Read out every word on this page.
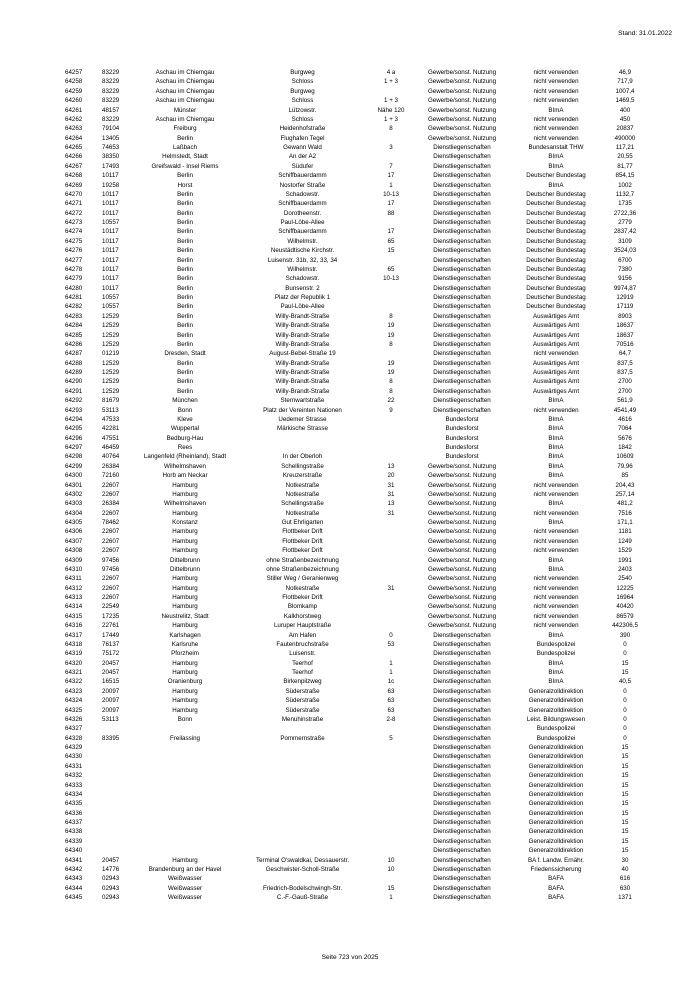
Stand: 31.01.2022
64257	83229	Aschau im Chiemgau	Burgweg	4 a	Gewerbe/sonst. Nutzung	nicht verwenden	46,9
64258	83229	Aschau im Chiemgau	Schloss	1 + 3	Gewerbe/sonst. Nutzung	nicht verwenden	717,9
64259	83229	Aschau im Chiemgau	Burgweg		Gewerbe/sonst. Nutzung	nicht verwenden	1007,4
64260	83229	Aschau im Chiemgau	Schloss	1 + 3	Gewerbe/sonst. Nutzung	nicht verwenden	1469,5
64261	48157	Münster	Lützowstr.	Nähe 120	Gewerbe/sonst. Nutzung	BImA	400
64262	83229	Aschau im Chiemgau	Schloss	1 + 3	Gewerbe/sonst. Nutzung	nicht verwenden	450
64263	79104	Freiburg	Heidenhofstraße	8	Gewerbe/sonst. Nutzung	nicht verwenden	20837
64264	13405	Berlin	Flughafen Tegel		Gewerbe/sonst. Nutzung	nicht verwenden	490000
64265	74653	Laßbach	Gewann Wald	3	Dienstliegenschaften	Bundesanstalt THW	117,21
64266	38350	Helmstedt, Stadt	An der A2		Dienstliegenschaften	BImA	20,55
64267	17493	Greifswald - Insel Riems	Südufer	7	Dienstliegenschaften	BImA	81,77
64268	10117	Berlin	Schiffbauerdamm	17	Dienstliegenschaften	Deutscher Bundestag	854,15
64269	19258	Horst	Nostorfer Straße	1	Dienstliegenschaften	BImA	1002
64270	10117	Berlin	Schadowstr.	10-13	Dienstliegenschaften	Deutscher Bundestag	1132,7
64271	10117	Berlin	Schiffbauerdamm	17	Dienstliegenschaften	Deutscher Bundestag	1735
64272	10117	Berlin	Dorotheenstr.	88	Dienstliegenschaften	Deutscher Bundestag	2722,36
64273	10557	Berlin	Paul-Löbe-Allee		Dienstliegenschaften	Deutscher Bundestag	2779
64274	10117	Berlin	Schiffbauerdamm	17	Dienstliegenschaften	Deutscher Bundestag	2837,42
64275	10117	Berlin	Wilhelmstr.	65	Dienstliegenschaften	Deutscher Bundestag	3109
64276	10117	Berlin	Neustädtische Kirchstr.	15	Dienstliegenschaften	Deutscher Bundestag	3524,03
64277	10117	Berlin	Luisenstr. 31b, 32, 33, 34		Dienstliegenschaften	Deutscher Bundestag	6700
64278	10117	Berlin	Wilhelmstr.	65	Dienstliegenschaften	Deutscher Bundestag	7380
64279	10117	Berlin	Schadowstr.	10-13	Dienstliegenschaften	Deutscher Bundestag	9156
64280	10117	Berlin	Bunsenstr. 2		Dienstliegenschaften	Deutscher Bundestag	9974,87
64281	10557	Berlin	Platz der Republik 1		Dienstliegenschaften	Deutscher Bundestag	12919
64282	10557	Berlin	Paul-Löbe-Allee		Dienstliegenschaften	Deutscher Bundestag	17119
64283	12529	Berlin	Willy-Brandt-Straße	8	Dienstliegenschaften	Auswärtiges Amt	8903
64284	12529	Berlin	Willy-Brandt-Straße	19	Dienstliegenschaften	Auswärtiges Amt	18637
64285	12529	Berlin	Willy-Brandt-Straße	19	Dienstliegenschaften	Auswärtiges Amt	18637
64286	12529	Berlin	Willy-Brandt-Straße	8	Dienstliegenschaften	Auswärtiges Amt	70516
64287	01219	Dresden, Stadt	August-Bebel-Straße 19		Dienstliegenschaften	nicht verwenden	64,7
64288	12529	Berlin	Willy-Brandt-Straße	19	Dienstliegenschaften	Auswärtiges Amt	837,5
64289	12529	Berlin	Willy-Brandt-Straße	19	Dienstliegenschaften	Auswärtiges Amt	837,5
64290	12529	Berlin	Willy-Brandt-Straße	8	Dienstliegenschaften	Auswärtiges Amt	2700
64291	12529	Berlin	Willy-Brandt-Straße	8	Dienstliegenschaften	Auswärtiges Amt	2700
64292	81679	München	Sternwartstraße	22	Dienstliegenschaften	BImA	561,9
64293	53113	Bonn	Platz der Vereinten Nationen	9	Dienstliegenschaften	nicht verwenden	4541,49
64294	47533	Kleve	Uedemer Strasse		Bundesforst	BImA	4616
64295	42281	Wuppertal	Märkische Strasse		Bundesforst	BImA	7064
64296	47551	Bedburg-Hau			Bundesforst	BImA	5676
64297	46459	Rees			Bundesforst	BImA	1842
64298	40764	Langenfeld (Rheinland), Stadt	In der Oberloh		Bundesforst	BImA	10609
64299	26384	Wilhelmshaven	Schellingstraße	13	Gewerbe/sonst. Nutzung	BImA	79,96
64300	72160	Horb am Neckar	Kreuzerstraße	20	Gewerbe/sonst. Nutzung	BImA	85
64301	22607	Hamburg	Notkestraße	31	Gewerbe/sonst. Nutzung	nicht verwenden	204,43
64302	22607	Hamburg	Notkestraße	31	Gewerbe/sonst. Nutzung	nicht verwenden	257,14
64303	26384	Wilhelmshaven	Schellingstraße	13	Gewerbe/sonst. Nutzung	BImA	481,2
64304	22607	Hamburg	Notkestraße	31	Gewerbe/sonst. Nutzung	nicht verwenden	7516
64305	78462	Konstanz	Gut Ehrligarten		Gewerbe/sonst. Nutzung	BImA	171,1
64306	22607	Hamburg	Flottbeker Drift		Gewerbe/sonst. Nutzung	nicht verwenden	1181
64307	22607	Hamburg	Flottbeker Drift		Gewerbe/sonst. Nutzung	nicht verwenden	1249
64308	22607	Hamburg	Flottbeker Drift		Gewerbe/sonst. Nutzung	nicht verwenden	1529
64309	97456	Dittelbrunn	ohne Straßenbezeichnung		Gewerbe/sonst. Nutzung	BImA	1991
64310	97456	Dittelbrunn	ohne Straßenbezeichnung		Gewerbe/sonst. Nutzung	BImA	2403
64311	22607	Hamburg	Stiller Weg / Geranienweg		Gewerbe/sonst. Nutzung	nicht verwenden	2540
64312	22607	Hamburg	Notkestraße	31	Gewerbe/sonst. Nutzung	nicht verwenden	12225
64313	22607	Hamburg	Flottbeker Drift		Gewerbe/sonst. Nutzung	nicht verwenden	16964
64314	22549	Hamburg	Blomkamp		Gewerbe/sonst. Nutzung	nicht verwenden	40420
64315	17235	Neustrelitz, Stadt	Kalkhorstweg		Gewerbe/sonst. Nutzung	nicht verwenden	86579
64316	22761	Hamburg	Luruper Hauptstraße		Gewerbe/sonst. Nutzung	nicht verwenden	442306,5
64317	17449	Karlshagen	Am Hafen	0	Dienstliegenschaften	BImA	390
64318	76137	Karlsruhe	Fautenbruchstraße	53	Dienstliegenschaften	Bundespolizei	0
64319	75172	Pforzheim	Luisenstr.		Dienstliegenschaften	Bundespolizei	0
64320	20457	Hamburg	Teerhof	1	Dienstliegenschaften	BImA	15
64321	20457	Hamburg	Teerhof	1	Dienstliegenschaften	BImA	15
64322	16515	Oranienburg	Birkenpilzweg	1c	Dienstliegenschaften	BImA	40,5
64323	20097	Hamburg	Süderstraße	63	Dienstliegenschaften	Generalzolldirektion	0
64324	20097	Hamburg	Süderstraße	63	Dienstliegenschaften	Generalzolldirektion	0
64325	20097	Hamburg	Süderstraße	63	Dienstliegenschaften	Generalzolldirektion	0
64326	53113	Bonn	Menuhinstraße	2-8	Dienstliegenschaften	Leist. Bildungswesen	0
64327					Dienstliegenschaften	Bundespolizei	0
64328	83395	Freilassing	Pommernstraße	5	Dienstliegenschaften	Bundespolizei	0
64329					Dienstliegenschaften	Generalzolldirektion	15
64330					Dienstliegenschaften	Generalzolldirektion	15
64331					Dienstliegenschaften	Generalzolldirektion	15
64332					Dienstliegenschaften	Generalzolldirektion	15
64333					Dienstliegenschaften	Generalzolldirektion	15
64334					Dienstliegenschaften	Generalzolldirektion	15
64335					Dienstliegenschaften	Generalzolldirektion	15
64336					Dienstliegenschaften	Generalzolldirektion	15
64337					Dienstliegenschaften	Generalzolldirektion	15
64338					Dienstliegenschaften	Generalzolldirektion	15
64339					Dienstliegenschaften	Generalzolldirektion	15
64340					Dienstliegenschaften	Generalzolldirektion	15
64341	20457	Hamburg	Terminal O'swaldkai, Dessauerstr.	10	Dienstliegenschaften	BA f. Landw. Ernähr.	30
64342	14776	Brandenburg an der Havel	Geschwister-Scholl-Straße	10	Dienstliegenschaften	Friedenssicherung	40
64343	02943	Weißwasser			Dienstliegenschaften	BAFA	616
64344	02943	Weißwasser	Friedrich-Bodelschwingh-Str.	15	Dienstliegenschaften	BAFA	630
64345	02943	Weißwasser	C.-F.-Gauß-Straße	1	Dienstliegenschaften	BAFA	1371
Seite 723 von 2025
